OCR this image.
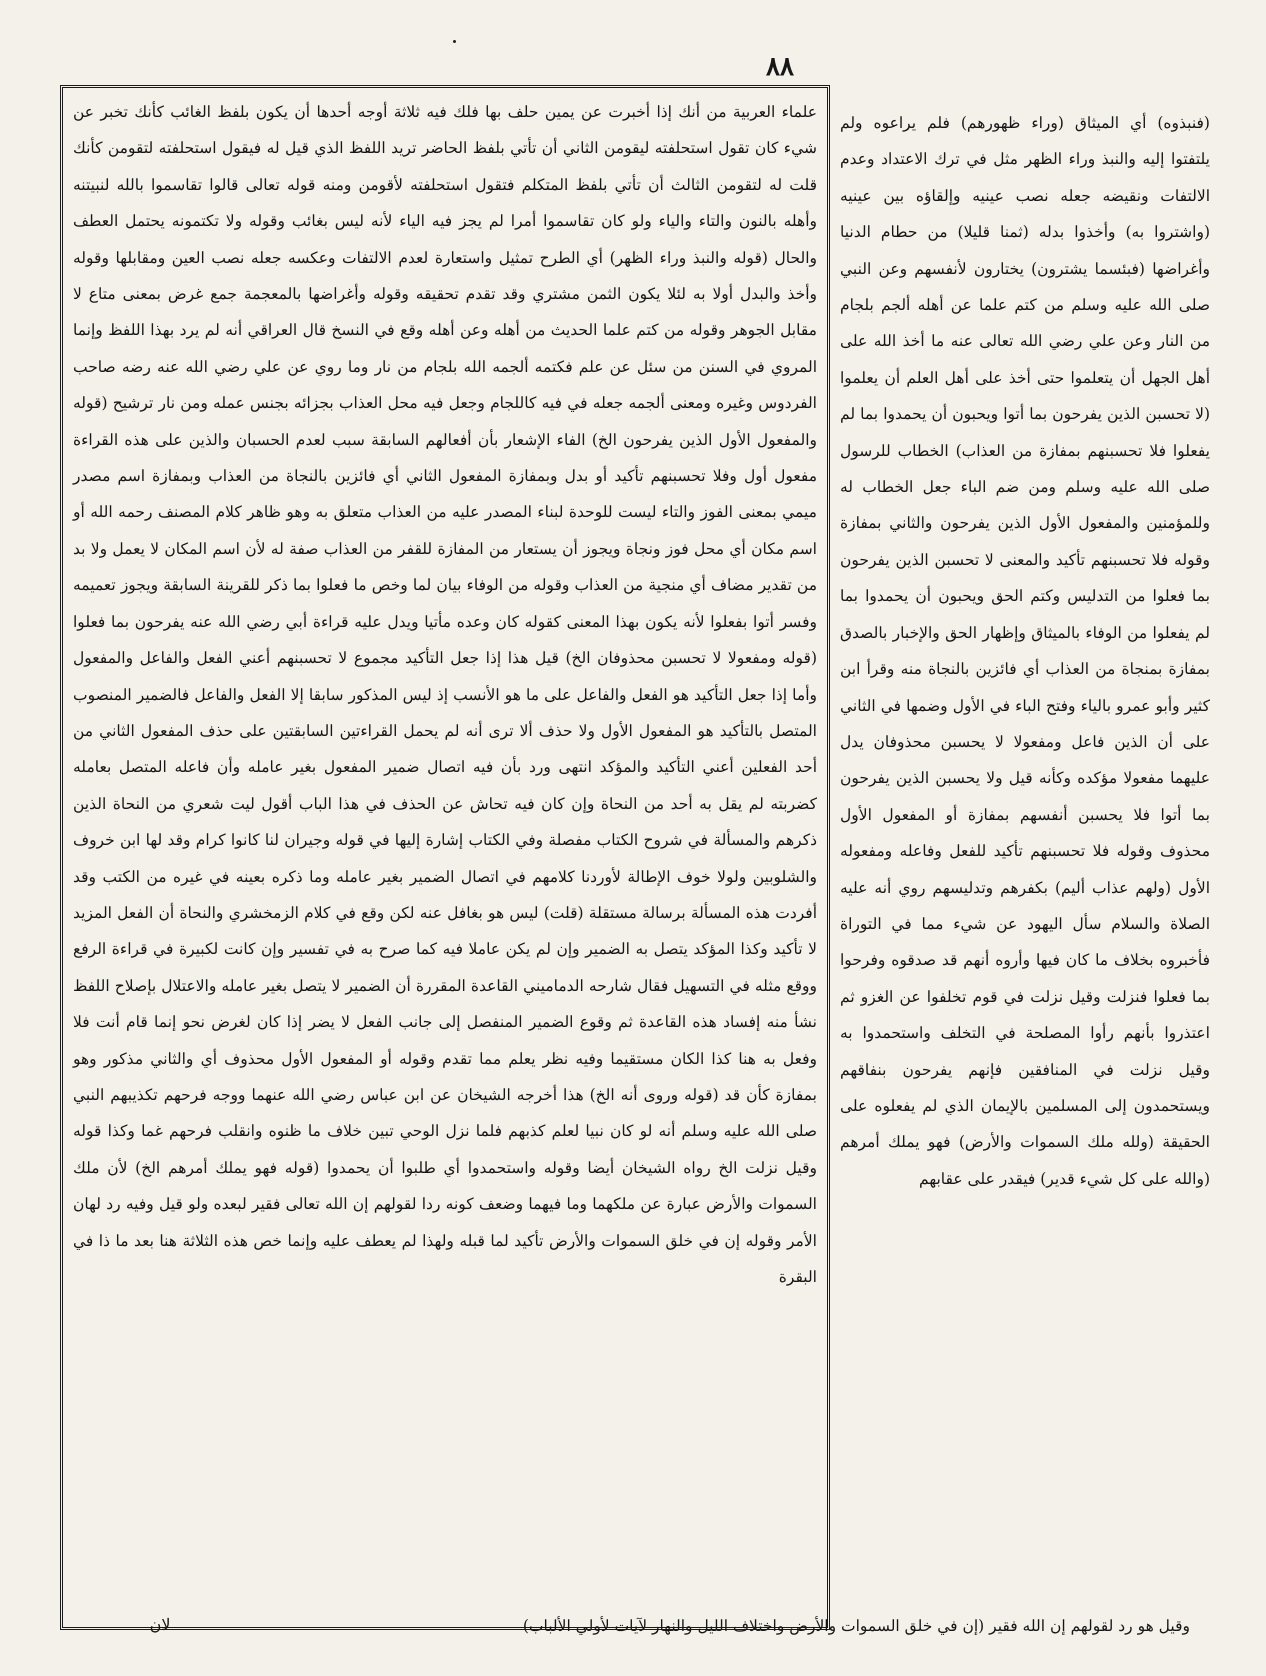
٨٨

علماء العربية من أنك إذا أخبرت عن يمين حلف بها فلك فيه ثلاثة أوجه أحدها أن يكون بلفظ الغائب كأنك تخبر عن شيء كان تقول استحلفته ليقومن الثاني أن تأتي بلفظ الحاضر تريد اللفظ الذي قيل له فيقول استحلفته لتقومن كأنك قلت له لتقومن الثالث أن تأتي بلفظ المتكلم فتقول استحلفته لأقومن ومنه قوله تعالى قالوا تقاسموا بالله لنبيتنه وأهله بالنون والتاء والياء ولو كان تقاسموا أمرا لم يجز فيه الياء لأنه ليس بغائب وقوله ولا تكتمونه يحتمل العطف والحال (قوله والنبذ وراء الظهر) أي الطرح تمثيل واستعارة لعدم الالتفات وعكسه جعله نصب العين ومقابلها وقوله وأخذ والبدل أولا به لئلا يكون الثمن مشتري وقد تقدم تحقيقه وقوله وأغراضها بالمعجمة جمع غرض بمعنى متاع لا مقابل الجوهر وقوله من كتم علما الحديث من أهله وعن أهله وقع في النسخ قال العراقي أنه لم يرد بهذا اللفظ وإنما المروي في السنن من سئل عن علم فكتمه ألجمه الله بلجام من نار وما روي عن علي رضي الله عنه رضه صاحب الفردوس وغيره ومعنى ألجمه جعله في فيه كاللجام وجعل فيه محل العذاب بجزائه بجنس عمله ومن نار ترشيح (قوله والمفعول الأول الذين يفرحون الخ) الفاء الإشعار بأن أفعالهم السابقة سبب لعدم الحسبان والذين على هذه القراءة مفعول أول وفلا تحسبنهم تأكيد أو بدل وبمفازة المفعول الثاني أي فائزين بالنجاة من العذاب وبمفازة اسم مصدر ميمي بمعنى الفوز والتاء ليست للوحدة لبناء المصدر عليه من العذاب متعلق به وهو ظاهر كلام المصنف رحمه الله أو اسم مكان أي محل فوز ونجاة ويجوز أن يستعار من المفازة للقفر من العذاب صفة له لأن اسم المكان لا يعمل ولا بد من تقدير مضاف أي منجية من العذاب وقوله من الوفاء بيان لما وخص ما فعلوا بما ذكر للقرينة السابقة ويجوز تعميمه وفسر أتوا بفعلوا لأنه يكون بهذا المعنى كقوله كان وعده مأتيا ويدل عليه قراءة أبي رضي الله عنه يفرحون بما فعلوا (قوله ومفعولا لا تحسبن محذوفان الخ) قيل هذا إذا جعل التأكيد مجموع لا تحسبنهم أعني الفعل والفاعل والمفعول وأما إذا جعل التأكيد هو الفعل والفاعل على ما هو الأنسب إذ ليس المذكور سابقا إلا الفعل والفاعل فالضمير المنصوب المتصل بالتأكيد هو المفعول الأول ولا حذف ألا ترى أنه لم يحمل القراءتين السابقتين على حذف المفعول الثاني من أحد الفعلين أعني التأكيد والمؤكد انتهى ورد بأن فيه اتصال ضمير المفعول بغير عامله وأن فاعله المتصل بعامله كضربته لم يقل به أحد من النحاة وإن كان فيه تحاش عن الحذف في هذا الباب أقول ليت شعري من النحاة الذين ذكرهم والمسألة في شروح الكتاب مفصلة وفي الكتاب إشارة إليها في قوله وجيران لنا كانوا كرام وقد لها ابن خروف والشلوبين ولولا خوف الإطالة لأوردنا كلامهم في اتصال الضمير بغير عامله وما ذكره بعينه في غيره من الكتب وقد أفردت هذه المسألة برسالة مستقلة (قلت) ليس هو بغافل عنه لكن وقع في كلام الزمخشري والنحاة أن الفعل المزيد لا تأكيد وكذا المؤكد يتصل به الضمير وإن لم يكن عاملا فيه كما صرح به في تفسير وإن كانت لكبيرة في قراءة الرفع ووقع مثله في التسهيل فقال شارحه الدماميني القاعدة المقررة أن الضمير لا يتصل بغير عامله والاعتلال بإصلاح اللفظ نشأ منه إفساد هذه القاعدة ثم وقوع الضمير المنفصل إلى جانب الفعل لا يضر إذا كان لغرض نحو إنما قام أنت فلا وفعل به هنا كذا الكان مستقيما وفيه نظر يعلم مما تقدم وقوله أو المفعول الأول محذوف أي والثاني مذكور وهو بمفازة كأن قد (قوله وروى أنه الخ) هذا أخرجه الشيخان عن ابن عباس رضي الله عنهما ووجه فرحهم تكذيبهم النبي صلى الله عليه وسلم أنه لو كان نبيا لعلم كذبهم فلما نزل الوحي تبين خلاف ما ظنوه وانقلب فرحهم غما وكذا قوله وقيل نزلت الخ رواه الشيخان أيضا وقوله واستحمدوا أي طلبوا أن يحمدوا (قوله فهو يملك أمرهم الخ) لأن ملك السموات والأرض عبارة عن ملكهما وما فيهما وضعف كونه ردا لقولهم إن الله تعالى فقير لبعده ولو قيل وفيه رد لهان الأمر وقوله إن في خلق السموات والأرض تأكيد لما قبله ولهذا لم يعطف عليه وإنما خص هذه الثلاثة هنا بعد ما ذا في البقرة

(فنبذوه) أي الميثاق (وراء ظهورهم) فلم يراعوه ولم يلتفتوا إليه والنبذ وراء الظهر مثل في ترك الاعتداد وعدم الالتفات ونقيضه جعله نصب عينيه وإلقاؤه بين عينيه (واشتروا به) وأخذوا بدله (ثمنا قليلا) من حطام الدنيا وأغراضها (فبئسما يشترون) يختارون لأنفسهم وعن النبي صلى الله عليه وسلم من كتم علما عن أهله ألجم بلجام من النار وعن علي رضي الله تعالى عنه ما أخذ الله على أهل الجهل أن يتعلموا حتى أخذ على أهل العلم أن يعلموا (لا تحسبن الذين يفرحون بما أتوا ويحبون أن يحمدوا بما لم يفعلوا فلا تحسبنهم بمفازة من العذاب) الخطاب للرسول صلى الله عليه وسلم ومن ضم الباء جعل الخطاب له وللمؤمنين والمفعول الأول الذين يفرحون والثاني بمفازة وقوله فلا تحسبنهم تأكيد والمعنى لا تحسبن الذين يفرحون بما فعلوا من التدليس وكتم الحق ويحبون أن يحمدوا بما لم يفعلوا من الوفاء بالميثاق وإظهار الحق والإخبار بالصدق بمفازة بمنجاة من العذاب أي فائزين بالنجاة منه وقرأ ابن كثير وأبو عمرو بالياء وفتح الباء في الأول وضمها في الثاني على أن الذين فاعل ومفعولا لا يحسبن محذوفان يدل عليهما مفعولا مؤكده وكأنه قيل ولا يحسبن الذين يفرحون بما أتوا فلا يحسبن أنفسهم بمفازة أو المفعول الأول محذوف وقوله فلا تحسبنهم تأكيد للفعل وفاعله ومفعوله الأول (ولهم عذاب أليم) بكفرهم وتدليسهم روي أنه عليه الصلاة والسلام سأل اليهود عن شيء مما في التوراة فأخبروه بخلاف ما كان فيها وأروه أنهم قد صدقوه وفرحوا بما فعلوا فنزلت وقيل نزلت في قوم تخلفوا عن الغزو ثم اعتذروا بأنهم رأوا المصلحة في التخلف واستحمدوا به وقيل نزلت في المنافقين فإنهم يفرحون بنفاقهم ويستحمدون إلى المسلمين بالإيمان الذي لم يفعلوه على الحقيقة (ولله ملك السموات والأرض) فهو يملك أمرهم (والله على كل شيء قدير) فيقدر على عقابهم

وقيل هو رد لقولهم إن الله فقير (إن في خلق السموات والأرض واختلاف الليل والنهار لآيات لأولي الألباب)
لان
